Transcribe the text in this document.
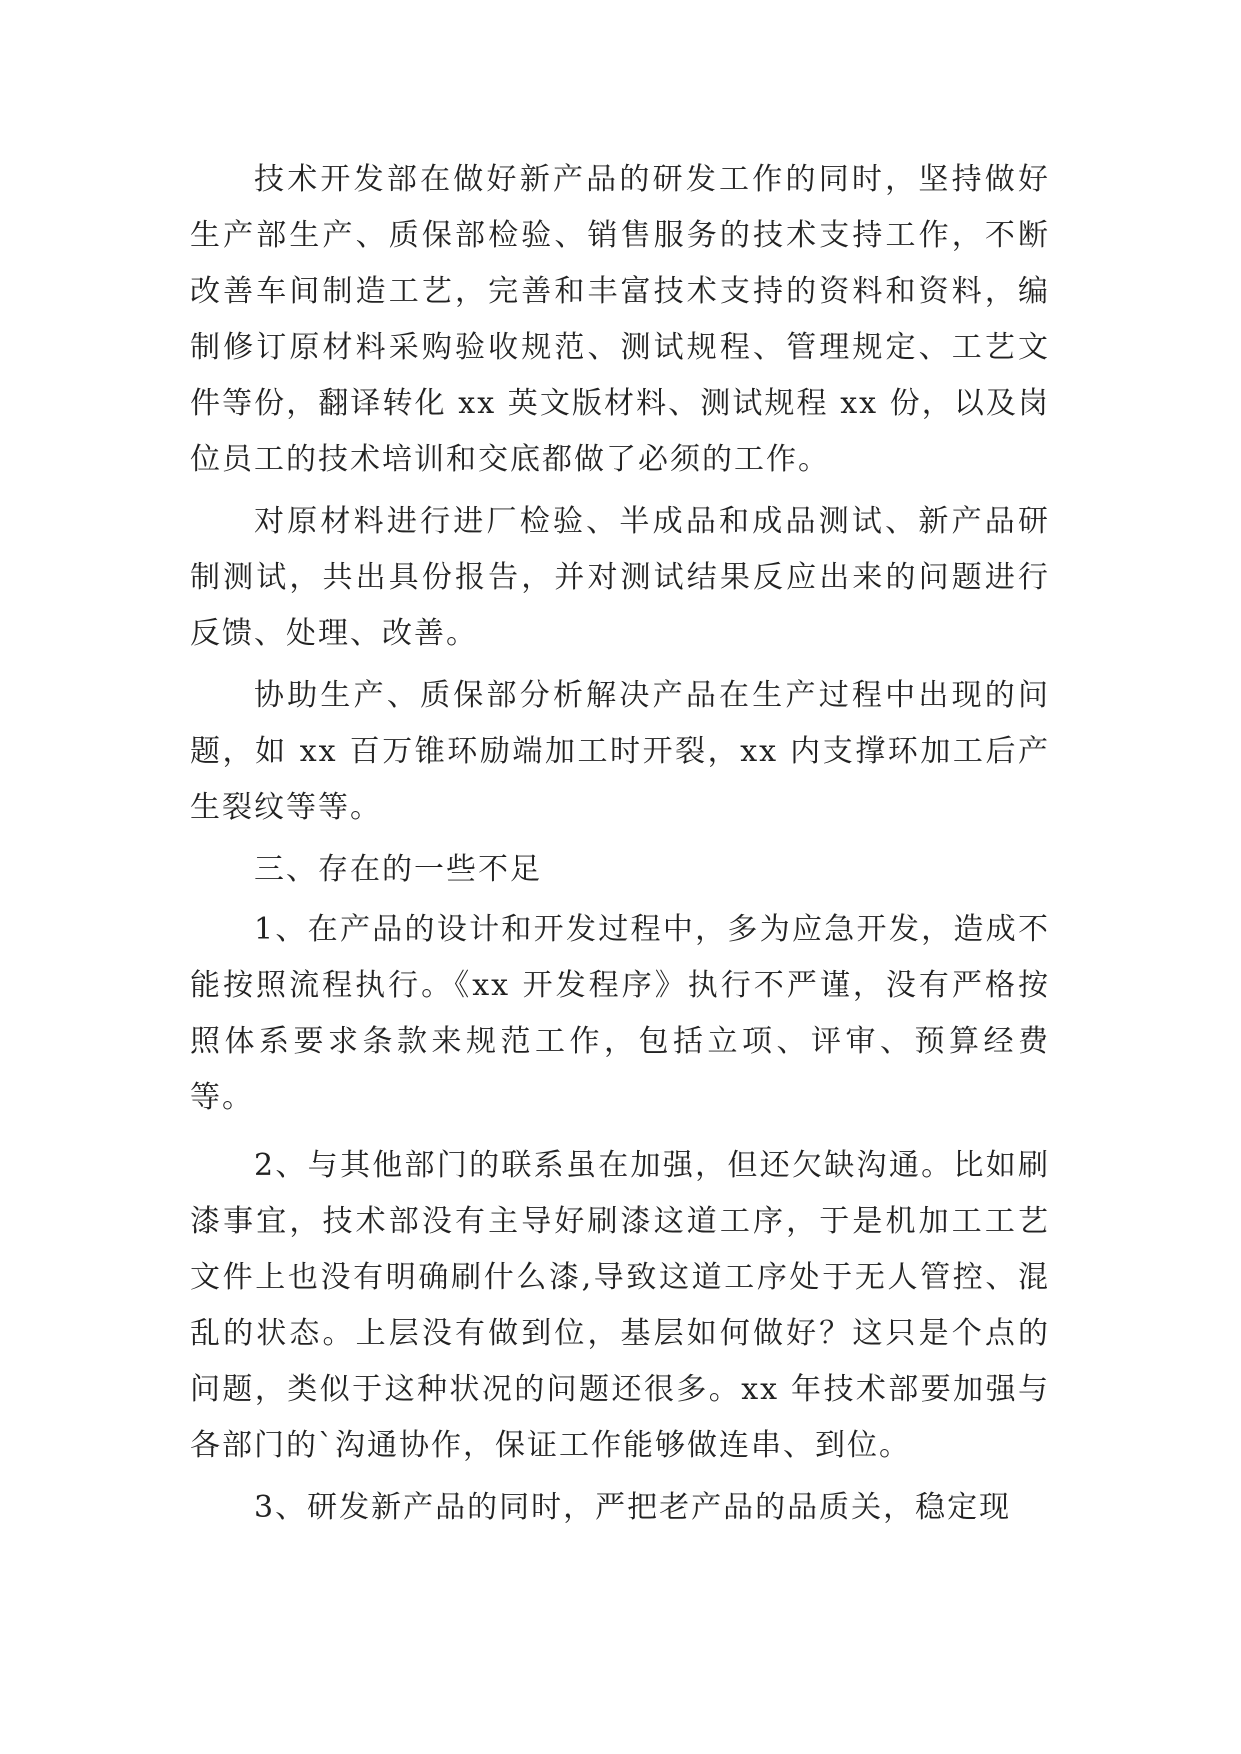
技术开发部在做好新产品的研发工作的同时，坚持做好生产部生产、质保部检验、销售服务的技术支持工作，不断改善车间制造工艺，完善和丰富技术支持的资料和资料，编制修订原材料采购验收规范、测试规程、管理规定、工艺文件等份，翻译转化 xx 英文版材料、测试规程 xx 份，以及岗位员工的技术培训和交底都做了必须的工作。

对原材料进行进厂检验、半成品和成品测试、新产品研制测试，共出具份报告，并对测试结果反应出来的问题进行反馈、处理、改善。

协助生产、质保部分析解决产品在生产过程中出现的问题，如 xx 百万锥环励端加工时开裂，xx 内支撑环加工后产生裂纹等等。

三、存在的一些不足

1、在产品的设计和开发过程中，多为应急开发，造成不能按照流程执行。《xx 开发程序》执行不严谨，没有严格按照体系要求条款来规范工作，包括立项、评审、预算经费等。

2、与其他部门的联系虽在加强，但还欠缺沟通。比如刷漆事宜，技术部没有主导好刷漆这道工序，于是机加工工艺文件上也没有明确刷什么漆,导致这道工序处于无人管控、混乱的状态。上层没有做到位，基层如何做好？这只是个点的问题，类似于这种状况的问题还很多。xx 年技术部要加强与各部门的`沟通协作，保证工作能够做连串、到位。

3、研发新产品的同时，严把老产品的品质关，稳定现
